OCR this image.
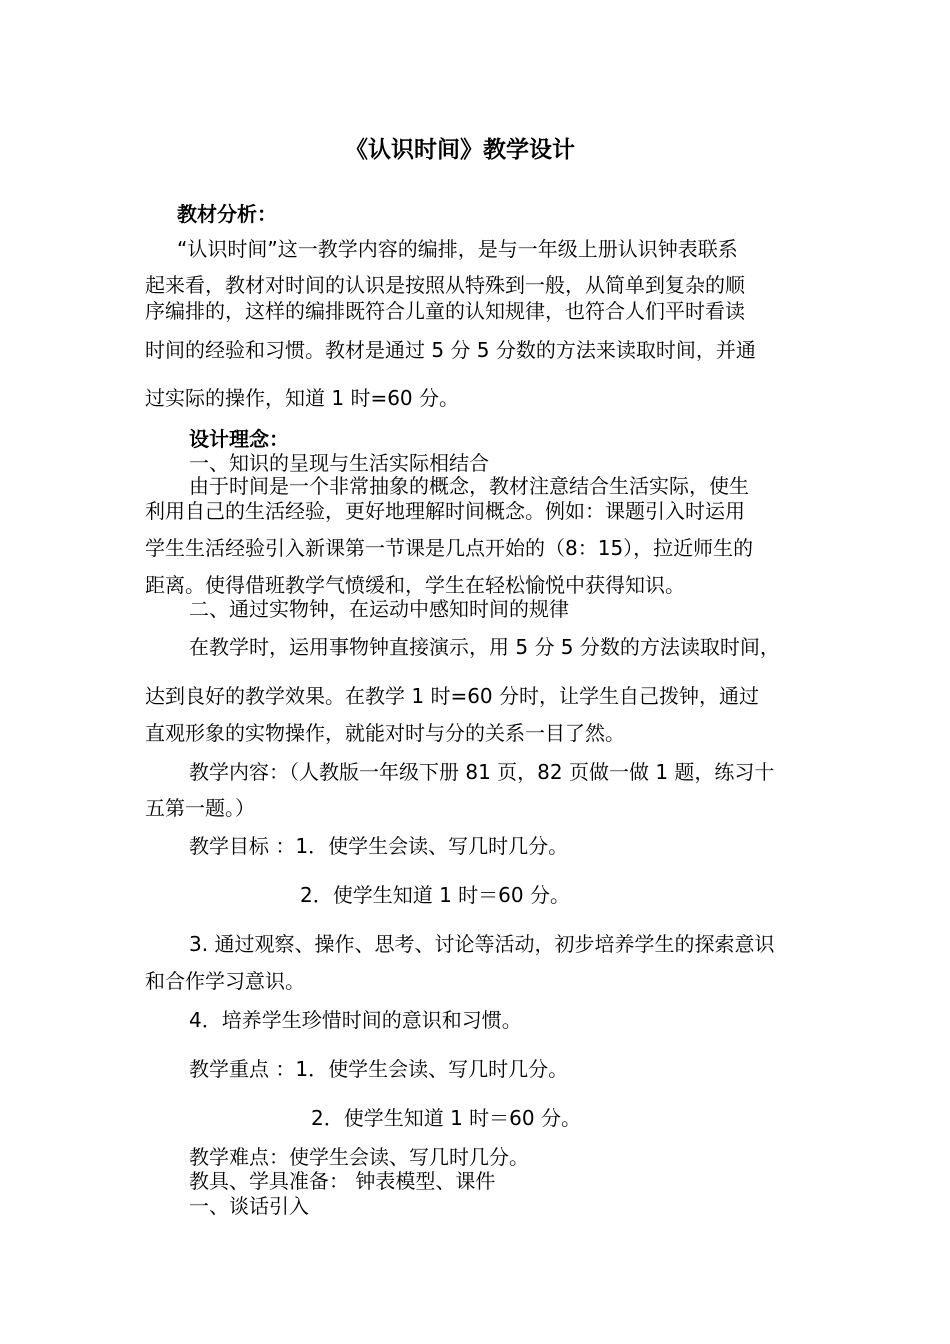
《认识时间》教学设计
教材分析：
“认识时间”这一教学内容的编排，是与一年级上册认识钟表联系
起来看，教材对时间的认识是按照从特殊到一般，从简单到复杂的顺
序编排的，这样的编排既符合儿童的认知规律，也符合人们平时看读
时间的经验和习惯。教材是通过 5 分 5 分数的方法来读取时间，并通
过实际的操作，知道 1 时=60 分。
设计理念：
一、知识的呈现与生活实际相结合
由于时间是一个非常抽象的概念，教材注意结合生活实际，使生
利用自己的生活经验，更好地理解时间概念。例如：课题引入时运用
学生生活经验引入新课第一节课是几点开始的（8：15），拉近师生的
距离。使得借班教学气愤缓和，学生在轻松愉悦中获得知识。
二、通过实物钟，在运动中感知时间的规律
在教学时，运用事物钟直接演示，用 5 分 5 分数的方法读取时间，
达到良好的教学效果。在教学 1 时=60 分时，让学生自己拨钟，通过
直观形象的实物操作，就能对时与分的关系一目了然。
教学内容：（人教版一年级下册 81 页，82 页做一做 1 题，练习十
五第一题。）
教学目标 ：1．使学生会读、写几时几分。
2．使学生知道 1 时＝60 分。
3. 通过观察、操作、思考、讨论等活动，初步培养学生的探索意识
和合作学习意识。
4．培养学生珍惜时间的意识和习惯。
教学重点 ：1．使学生会读、写几时几分。
2．使学生知道 1 时＝60 分。
教学难点：使学生会读、写几时几分。
教具、学具准备： 钟表模型、课件
一、谈话引入
